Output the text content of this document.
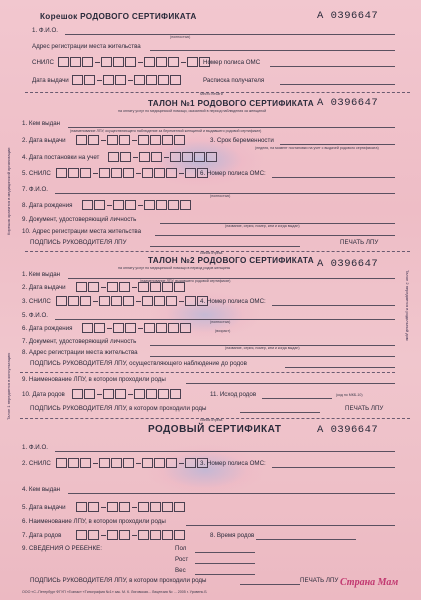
Корешок хранится в медицинской организации
Талон 1 передается в консультацию
Талон 2 передается в родильный дом
Корешок РОДОВОГО СЕРТИФИКАТА	А 0396647
1. Ф.И.О.
(полностью)
Адрес регистрации места жительства
СНИЛС	Номер полиса ОМС
Дата выдачи	Расписка получателя
Место печати
ТАЛОН №1 РОДОВОГО СЕРТИФИКАТА А 0396647
на оплату услуг по медицинской помощи, оказанной в период наблюдения за женщиной
1. Кем выдан
(наименование ЛПУ, осуществляющего наблюдение за беременной женщиной и выдавшего родовой сертификат)
2. Дата выдачи	3. Срок беременности
(неделя, на момент постановки на учет с выдачей родового сертификата)
4. Дата постановки на учет
5. СНИЛС	6. Номер полиса ОМС:
7. Ф.И.О.
(полностью)
8. Дата рождения
9. Документ, удостоверяющий личность
(название, серия, номер, кем и когда выдан)
10. Адрес регистрации места жительства
ПОДПИСЬ РУКОВОДИТЕЛЯ ЛПУ	ПЕЧАТЬ ЛПУ
Линия отреза
ТАЛОН №2 РОДОВОГО СЕРТИФИКАТА А 0396647
на оплату услуг по медицинской помощи в период родов женщины
1. Кем выдан
(наименование ЛПУ, выдавшего родовой сертификат)
2. Дата выдачи
3. СНИЛС	4. Номер полиса ОМС:
5. Ф.И.О.
(полностью)
6. Дата рождения	(возраст)
7. Документ, удостоверяющий личность
(название, серия, номер, кем и когда выдан)
8. Адрес регистрации места жительства
ПОДПИСЬ РУКОВОДИТЕЛЯ ЛПУ, осуществляющего наблюдение до родов
9. Наименование ЛПУ, в котором проходили роды
10. Дата родов	11. Исход родов	(код по МКБ-10)
ПОДПИСЬ РУКОВОДИТЕЛЯ ЛПУ, в котором проходили роды	ПЕЧАТЬ ЛПУ
Линия отреза
РОДОВЫЙ СЕРТИФИКАТ	А 0396647
1. Ф.И.О.
2. СНИЛС	3. Номер полиса ОМС:
4. Кем выдан
5. Дата выдачи
6. Наименование ЛПУ, в котором проходили роды
7. Дата родов	8. Время родов
9. СВЕДЕНИЯ О РЕБЕНКЕ:	Пол
Рост
Вес
ПОДПИСЬ РУКОВОДИТЕЛЯ ЛПУ, в котором проходили роды	ПЕЧАТЬ ЛПУ
ООО «С.-Петербург ФГУП «Гознак» «Типография №1» зак. М. К. Лиговская... Лицензия № ... 2005 г. Уровень Б
Страна Мам
